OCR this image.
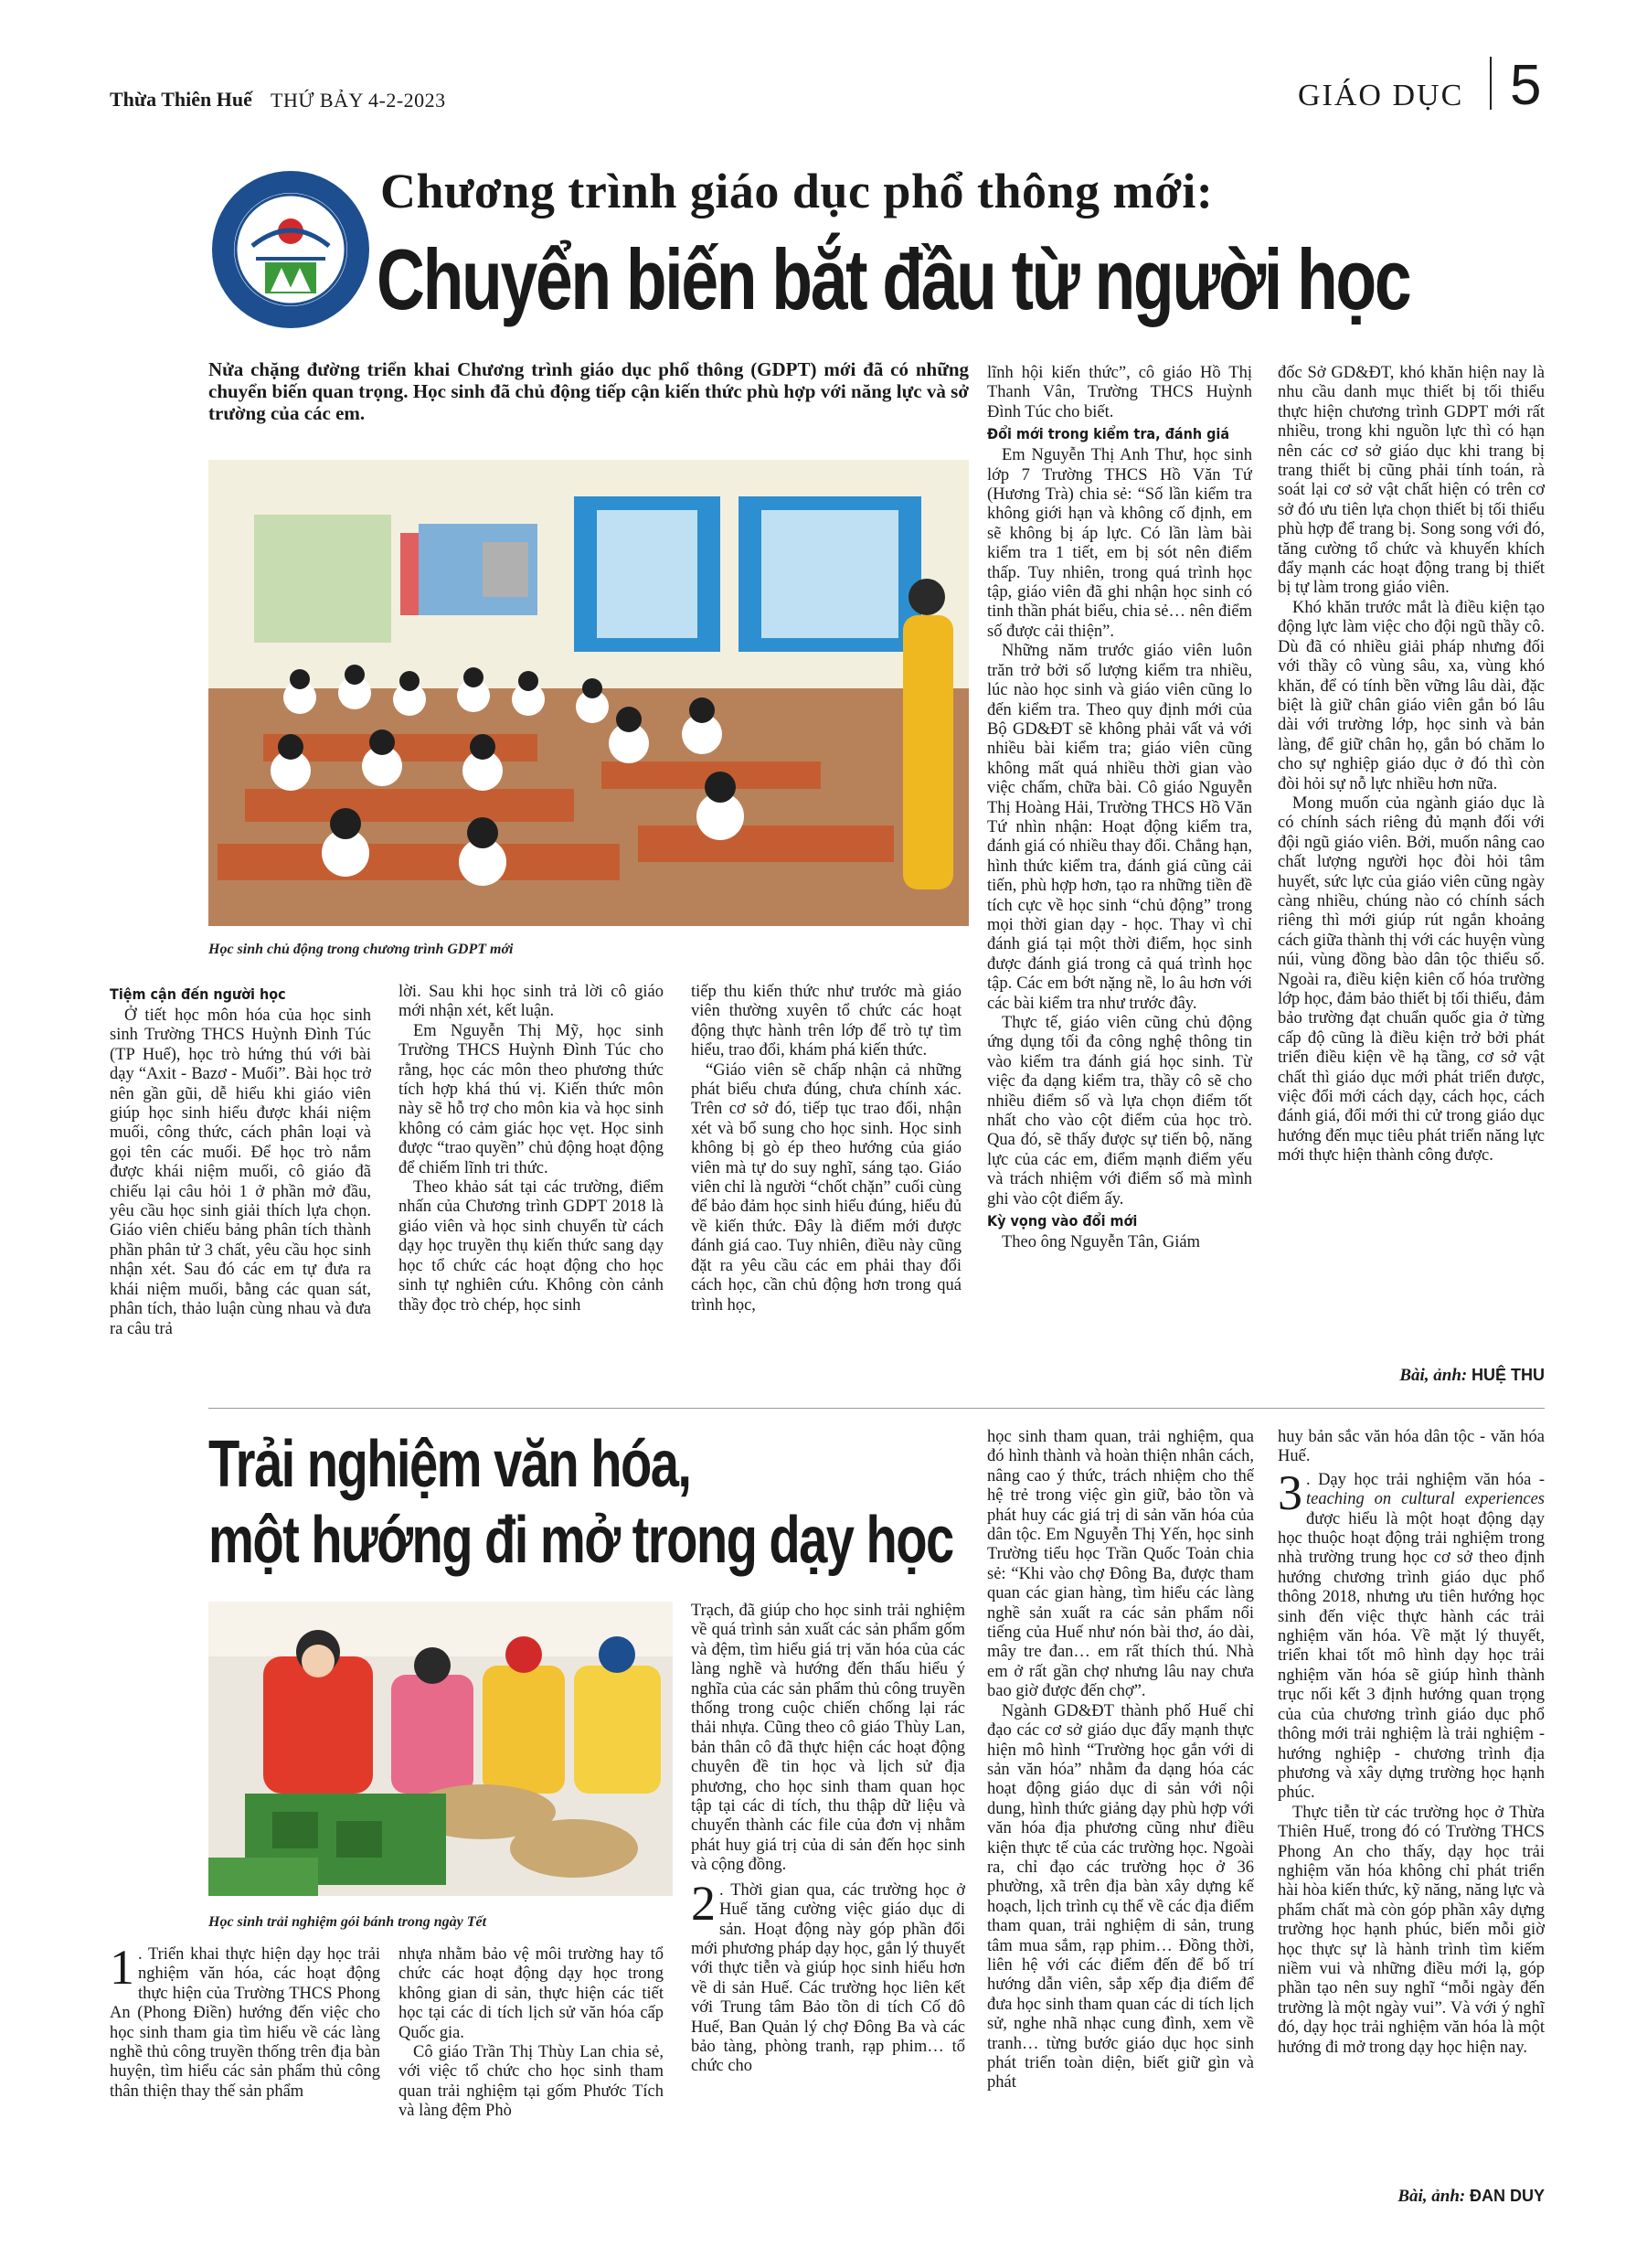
Thừa Thiên Huế THỨ BẢY 4-2-2023	GIÁO DỤC 5
Chương trình giáo dục phổ thông mới:
Chuyển biến bắt đầu từ người học
Nửa chặng đường triển khai Chương trình giáo dục phổ thông (GDPT) mới đã có những chuyển biến quan trọng. Học sinh đã chủ động tiếp cận kiến thức phù hợp với năng lực và sở trường của các em.
Học sinh chủ động trong chương trình GDPT mới
Tiệm cận đến người học

Ở tiết học môn hóa của học sinh sinh Trường THCS Huỳnh Đình Túc (TP Huế), học trò hứng thú với bài dạy “Axit - Bazơ - Muối”. Bài học trở nên gần gũi, dễ hiểu khi giáo viên giúp học sinh hiểu được khái niệm muối, công thức, cách phân loại và gọi tên các muối. Để học trò nắm được khái niệm muối, cô giáo đã chiếu lại câu hỏi 1 ở phần mở đầu, yêu cầu học sinh giải thích lựa chọn. Giáo viên chiếu bảng phân tích thành phần phân tử 3 chất, yêu cầu học sinh nhận xét. Sau đó các em tự đưa ra khái niệm muối, bằng các quan sát, phân tích, thảo luận cùng nhau và đưa ra câu trả

lời. Sau khi học sinh trả lời cô giáo mới nhận xét, kết luận.

Em Nguyễn Thị Mỹ, học sinh Trường THCS Huỳnh Đình Túc cho rằng, học các môn theo phương thức tích hợp khá thú vị. Kiến thức môn này sẽ hỗ trợ cho môn kia và học sinh không có cảm giác học vẹt. Học sinh được “trao quyền” chủ động hoạt động để chiếm lĩnh tri thức.

Theo khảo sát tại các trường, điểm nhấn của Chương trình GDPT 2018 là giáo viên và học sinh chuyển từ cách dạy học truyền thụ kiến thức sang dạy học tổ chức các hoạt động cho học sinh tự nghiên cứu. Không còn cảnh thầy đọc trò chép, học sinh

tiếp thu kiến thức như trước mà giáo viên thường xuyên tổ chức các hoạt động thực hành trên lớp để trò tự tìm hiểu, trao đổi, khám phá kiến thức.

“Giáo viên sẽ chấp nhận cả những phát biểu chưa đúng, chưa chính xác. Trên cơ sở đó, tiếp tục trao đổi, nhận xét và bổ sung cho học sinh. Học sinh không bị gò ép theo hướng của giáo viên mà tự do suy nghĩ, sáng tạo. Giáo viên chỉ là người “chốt chặn” cuối cùng để bảo đảm học sinh hiểu đúng, hiểu đủ về kiến thức. Đây là điểm mới được đánh giá cao. Tuy nhiên, điều này cũng đặt ra yêu cầu các em phải thay đổi cách học, cần chủ động hơn trong quá trình học,

lĩnh hội kiến thức”, cô giáo Hồ Thị Thanh Vân, Trường THCS Huỳnh Đình Túc cho biết.

Đổi mới trong kiểm tra, đánh giá

Em Nguyễn Thị Anh Thư, học sinh lớp 7 Trường THCS Hồ Văn Tứ (Hương Trà) chia sẻ: “Số lần kiểm tra không giới hạn và không cố định, em sẽ không bị áp lực. Có lần làm bài kiểm tra 1 tiết, em bị sót nên điểm thấp. Tuy nhiên, trong quá trình học tập, giáo viên đã ghi nhận học sinh có tinh thần phát biểu, chia sẻ… nên điểm số được cải thiện”.

Những năm trước giáo viên luôn trăn trở bởi số lượng kiểm tra nhiều, lúc nào học sinh và giáo viên cũng lo đến kiểm tra. Theo quy định mới của Bộ GD&ĐT sẽ không phải vất vả với nhiều bài kiểm tra; giáo viên cũng không mất quá nhiều thời gian vào việc chấm, chữa bài. Cô giáo Nguyễn Thị Hoàng Hải, Trường THCS Hồ Văn Tứ nhìn nhận: Hoạt động kiểm tra, đánh giá có nhiều thay đổi. Chẳng hạn, hình thức kiểm tra, đánh giá cũng cải tiến, phù hợp hơn, tạo ra những tiền đề tích cực về học sinh “chủ động” trong mọi thời gian dạy - học. Thay vì chỉ đánh giá tại một thời điểm, học sinh được đánh giá trong cả quá trình học tập. Các em bớt nặng nề, lo âu hơn với các bài kiểm tra như trước đây.

Thực tế, giáo viên cũng chủ động ứng dụng tối đa công nghệ thông tin vào kiểm tra đánh giá học sinh. Từ việc đa dạng kiểm tra, thầy cô sẽ cho nhiều điểm số và lựa chọn điểm tốt nhất cho vào cột điểm của học trò. Qua đó, sẽ thấy được sự tiến bộ, năng lực của các em, điểm mạnh điểm yếu và trách nhiệm với điểm số mà mình ghi vào cột điểm ấy.

Kỳ vọng vào đổi mới

Theo ông Nguyễn Tân, Giám

đốc Sở GD&ĐT, khó khăn hiện nay là nhu cầu danh mục thiết bị tối thiểu thực hiện chương trình GDPT mới rất nhiều, trong khi nguồn lực thì có hạn nên các cơ sở giáo dục khi trang bị trang thiết bị cũng phải tính toán, rà soát lại cơ sở vật chất hiện có trên cơ sở đó ưu tiên lựa chọn thiết bị tối thiểu phù hợp để trang bị. Song song với đó, tăng cường tổ chức và khuyến khích đẩy mạnh các hoạt động trang bị thiết bị tự làm trong giáo viên.

Khó khăn trước mắt là điều kiện tạo động lực làm việc cho đội ngũ thầy cô. Dù đã có nhiều giải pháp nhưng đối với thầy cô vùng sâu, xa, vùng khó khăn, để có tính bền vững lâu dài, đặc biệt là giữ chân giáo viên gắn bó lâu dài với trường lớp, học sinh và bản làng, để giữ chân họ, gắn bó chăm lo cho sự nghiệp giáo dục ở đó thì còn đòi hỏi sự nỗ lực nhiều hơn nữa.

Mong muốn của ngành giáo dục là có chính sách riêng đủ mạnh đối với đội ngũ giáo viên. Bởi, muốn nâng cao chất lượng người học đòi hỏi tâm huyết, sức lực của giáo viên cũng ngày càng nhiều, chúng nào có chính sách riêng thì mới giúp rút ngắn khoảng cách giữa thành thị với các huyện vùng núi, vùng đồng bào dân tộc thiểu số. Ngoài ra, điều kiện kiên cố hóa trường lớp học, đảm bảo thiết bị tối thiểu, đảm bảo trường đạt chuẩn quốc gia ở từng cấp độ cũng là điều kiện trở bởi phát triển điều kiện về hạ tầng, cơ sở vật chất thì giáo dục mới phát triển được, việc đổi mới cách dạy, cách học, cách đánh giá, đổi mới thi cử trong giáo dục hướng đến mục tiêu phát triển năng lực mới thực hiện thành công được.

Bài, ảnh: HUỆ THU
Trải nghiệm văn hóa,
một hướng đi mở trong dạy học
Học sinh trải nghiệm gói bánh trong ngày Tết

1 . Triển khai thực hiện dạy học trải nghiệm văn hóa, các hoạt động thực hiện của Trường THCS Phong An (Phong Điền) hướng đến việc cho học sinh tham gia tìm hiểu về các làng nghề thủ công truyền thống trên địa bàn huyện, tìm hiểu các sản phẩm thủ công thân thiện thay thế sản phẩm

nhựa nhằm bảo vệ môi trường hay tổ chức các hoạt động dạy học trong không gian di sản, thực hiện các tiết học tại các di tích lịch sử văn hóa cấp Quốc gia.

Cô giáo Trần Thị Thùy Lan chia sẻ, với việc tổ chức cho học sinh tham quan trải nghiệm tại gốm Phước Tích và làng đệm Phò

Trạch, đã giúp cho học sinh trải nghiệm về quá trình sản xuất các sản phẩm gốm và đệm, tìm hiểu giá trị văn hóa của các làng nghề và hướng đến thấu hiểu ý nghĩa của các sản phẩm thủ công truyền thống trong cuộc chiến chống lại rác thải nhựa. Cũng theo cô giáo Thùy Lan, bản thân cô đã thực hiện các hoạt động chuyên đề tin học và lịch sử địa phương, cho học sinh tham quan học tập tại các di tích, thu thập dữ liệu và chuyển thành các file của đơn vị nhằm phát huy giá trị của di sản đến học sinh và cộng đồng.

2 . Thời gian qua, các trường học ở Huế tăng cường việc giáo dục di sản. Hoạt động này góp phần đổi mới phương pháp dạy học, gắn lý thuyết với thực tiễn và giúp học sinh hiểu hơn về di sản Huế. Các trường học liên kết với Trung tâm Bảo tồn di tích Cố đô Huế, Ban Quản lý chợ Đông Ba và các bảo tàng, phòng tranh, rạp phim… tổ chức cho

học sinh tham quan, trải nghiệm, qua đó hình thành và hoàn thiện nhân cách, nâng cao ý thức, trách nhiệm cho thế hệ trẻ trong việc gìn giữ, bảo tồn và phát huy các giá trị di sản văn hóa của dân tộc. Em Nguyễn Thị Yến, học sinh Trường tiểu học Trần Quốc Toản chia sẻ: “Khi vào chợ Đông Ba, được tham quan các gian hàng, tìm hiểu các làng nghề sản xuất ra các sản phẩm nổi tiếng của Huế như nón bài thơ, áo dài, mây tre đan… em rất thích thú. Nhà em ở rất gần chợ nhưng lâu nay chưa bao giờ được đến chợ”.

Ngành GD&ĐT thành phố Huế chỉ đạo các cơ sở giáo dục đẩy mạnh thực hiện mô hình “Trường học gắn với di sản văn hóa” nhằm đa dạng hóa các hoạt động giáo dục di sản với nội dung, hình thức giảng dạy phù hợp với văn hóa địa phương cũng như điều kiện thực tế của các trường học. Ngoài ra, chỉ đạo các trường học ở 36 phường, xã trên địa bàn xây dựng kế hoạch, lịch trình cụ thể về các địa điểm tham quan, trải nghiệm di sản, trung tâm mua sắm, rạp phim… Đồng thời, liên hệ với các điểm đến để bố trí hướng dẫn viên, sắp xếp địa điểm để đưa học sinh tham quan các di tích lịch sử, nghe nhã nhạc cung đình, xem về tranh… từng bước giáo dục học sinh phát triển toàn diện, biết giữ gìn và phát

huy bản sắc văn hóa dân tộc - văn hóa Huế.

3 . Dạy học trải nghiệm văn hóa - teaching on cultural experiences được hiểu là một hoạt động dạy học thuộc hoạt động trải nghiệm trong nhà trường trung học cơ sở theo định hướng chương trình giáo dục phổ thông 2018, nhưng ưu tiên hướng học sinh đến việc thực hành các trải nghiệm văn hóa. Về mặt lý thuyết, triển khai tốt mô hình dạy học trải nghiệm văn hóa sẽ giúp hình thành trục nối kết 3 định hướng quan trọng của của chương trình giáo dục phổ thông mới trải nghiệm là trải nghiệm - hướng nghiệp - chương trình địa phương và xây dựng trường học hạnh phúc.

Thực tiễn từ các trường học ở Thừa Thiên Huế, trong đó có Trường THCS Phong An cho thấy, dạy học trải nghiệm văn hóa không chỉ phát triển hài hòa kiến thức, kỹ năng, năng lực và phẩm chất mà còn góp phần xây dựng trường học hạnh phúc, biến mỗi giờ học thực sự là hành trình tìm kiếm niềm vui và những điều mới lạ, góp phần tạo nên suy nghĩ “mỗi ngày đến trường là một ngày vui”. Và với ý nghĩ đó, dạy học trải nghiệm văn hóa là một hướng đi mở trong dạy học hiện nay.

Bài, ảnh: ĐAN DUY
